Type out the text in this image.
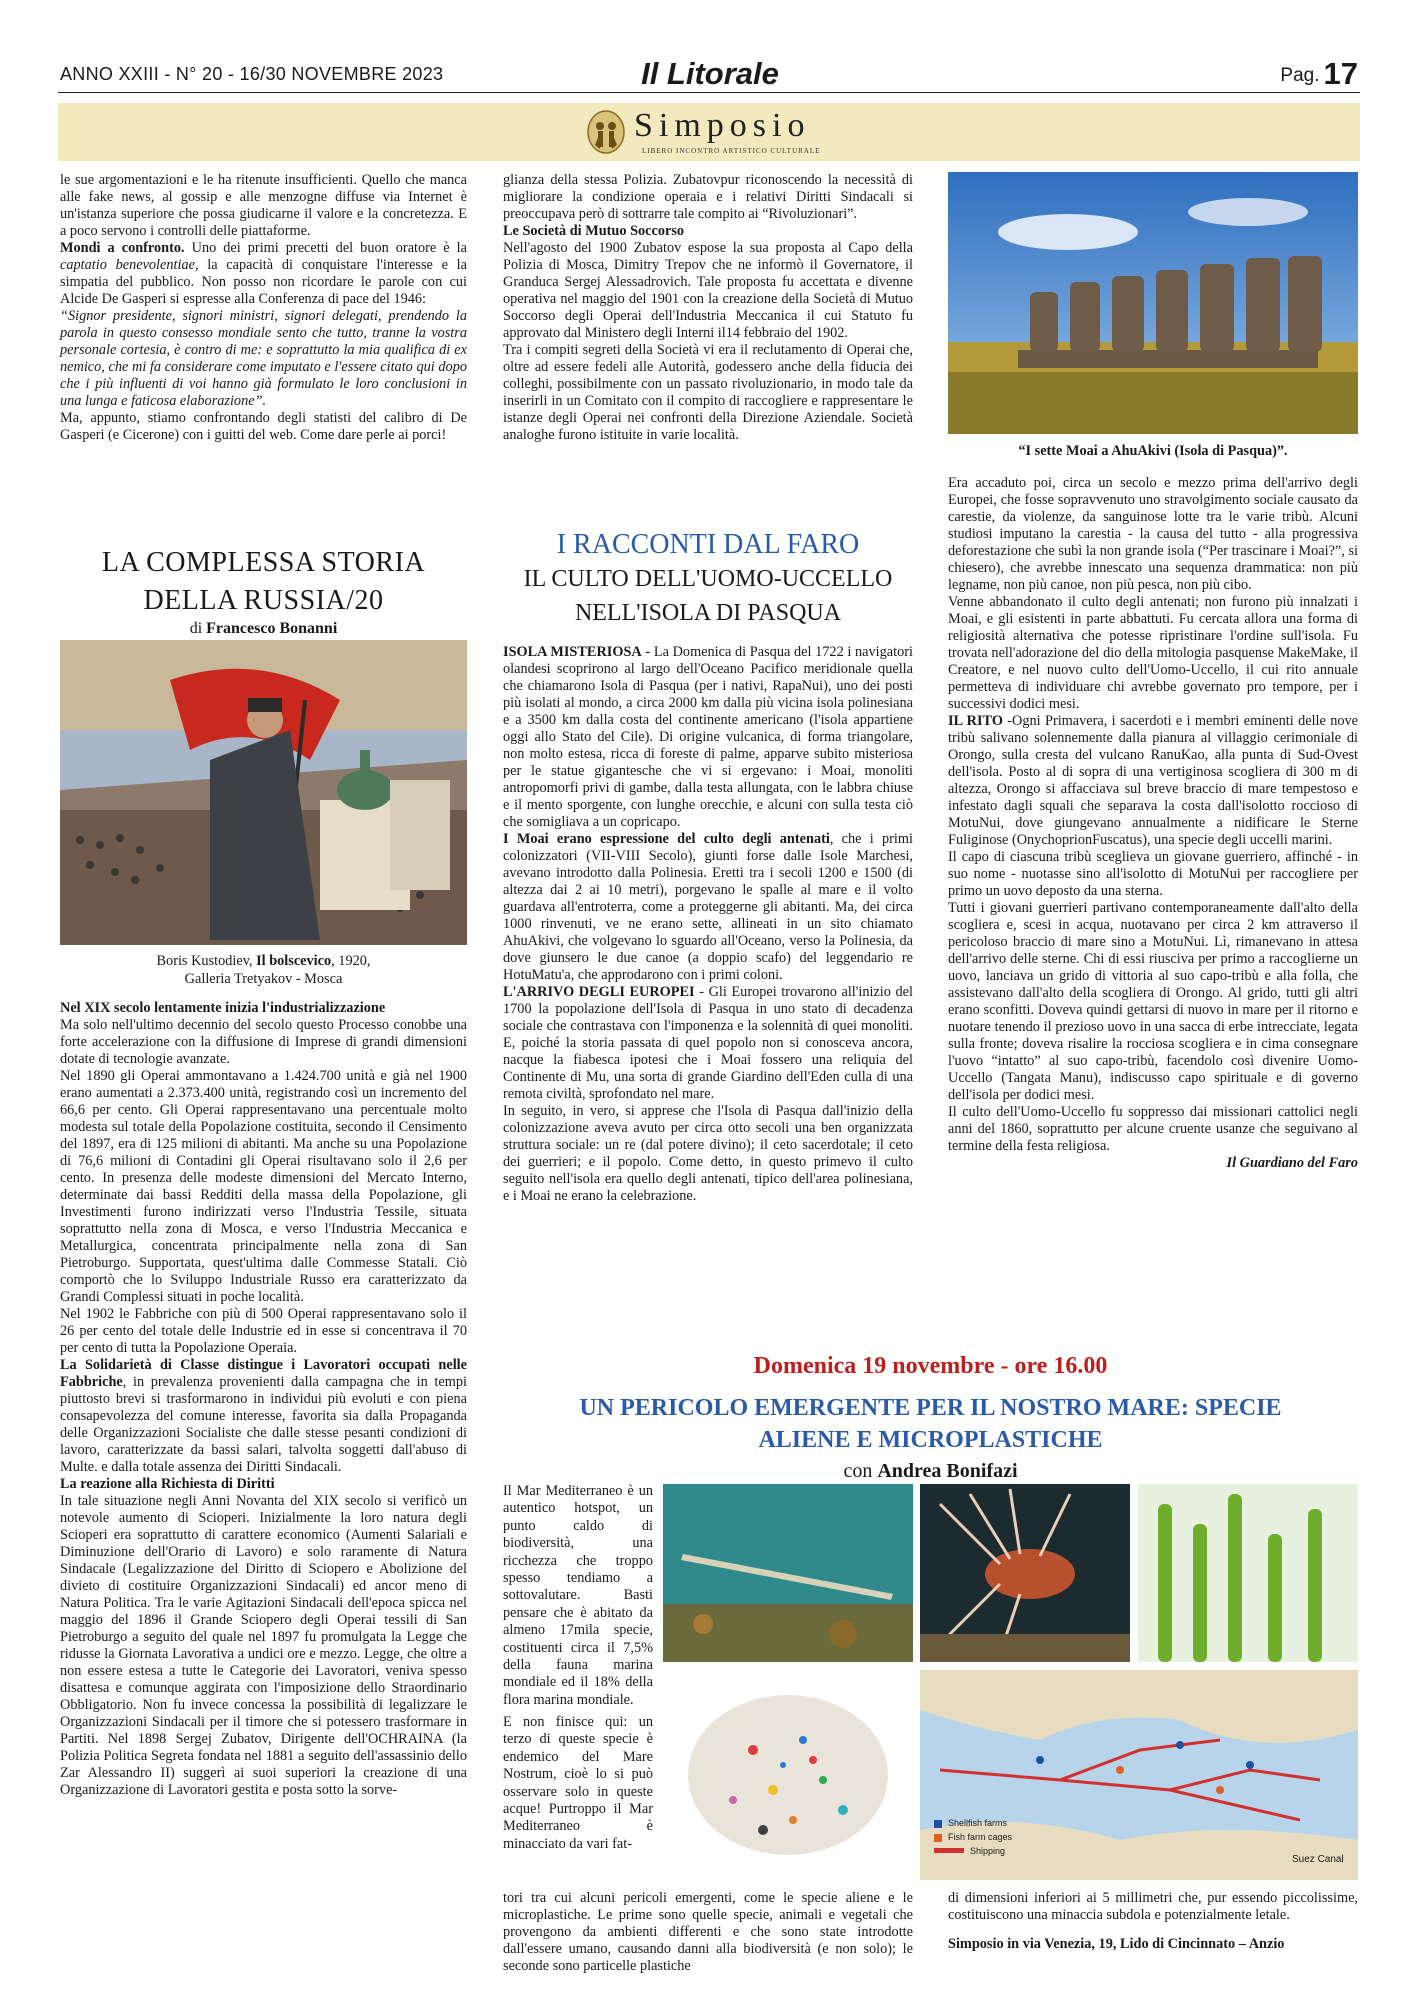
ANNO XXIII - N° 20 - 16/30 NOVEMBRE 2023	Il Litorale	Pag. 17
Simposio
LIBERO INCONTRO ARTISTICO CULTURALE

le sue argomentazioni e le ha ritenute insufficienti. Quello che manca alle fake news, al gossip e alle menzogne diffuse via Internet è un'istanza superiore che possa giudicarne il valore e la concretezza. E a poco servono i controlli delle piattaforme.

Mondi a confronto. Uno dei primi precetti del buon oratore è la captatio benevolentiae, la capacità di conquistare l'interesse e la simpatia del pubblico. Non posso non ricordare le parole con cui Alcide De Gasperi si espresse alla Conferenza di pace del 1946:

“Signor presidente, signori ministri, signori delegati, prendendo la parola in questo consesso mondiale sento che tutto, tranne la vostra personale cortesia, è contro di me: e soprattutto la mia qualifica di ex nemico, che mi fa considerare come imputato e l'essere citato qui dopo che i più influenti di voi hanno già formulato le loro conclusioni in una lunga e faticosa elaborazione”.

Ma, appunto, stiamo confrontando degli statisti del calibro di De Gasperi (e Cicerone) con i guitti del web. Come dare perle ai porci!

LA COMPLESSA STORIA
DELLA RUSSIA/20
di Francesco Bonanni
Boris Kustodiev, Il bolscevico, 1920,
Galleria Tretyakov - Mosca

Nel XIX secolo lentamente inizia l'industrializzazione

Ma solo nell'ultimo decennio del secolo questo Processo conobbe una forte accelerazione con la diffusione di Imprese di grandi dimensioni dotate di tecnologie avanzate.

Nel 1890 gli Operai ammontavano a 1.424.700 unità e già nel 1900 erano aumentati a 2.373.400 unità, registrando così un incremento del 66,6 per cento. Gli Operai rappresentavano una percentuale molto modesta sul totale della Popolazione costituita, secondo il Censimento del 1897, era di 125 milioni di abitanti. Ma anche su una Popolazione di 76,6 milioni di Contadini gli Operai risultavano solo il 2,6 per cento. In presenza delle modeste dimensioni del Mercato Interno, determinate dai bassi Redditi della massa della Popolazione, gli Investimenti furono indirizzati verso l'Industria Tessile, situata soprattutto nella zona di Mosca, e verso l'Industria Meccanica e Metallurgica, concentrata principalmente nella zona di San Pietroburgo. Supportata, quest'ultima dalle Commesse Statali. Ciò comportò che lo Sviluppo Industriale Russo era caratterizzato da Grandi Complessi situati in poche località.

Nel 1902 le Fabbriche con più di 500 Operai rappresentavano solo il 26 per cento del totale delle Industrie ed in esse si concentrava il 70 per cento di tutta la Popolazione Operaia.

La Solidarietà di Classe distingue i Lavoratori occupati nelle Fabbriche, in prevalenza provenienti dalla campagna che in tempi piuttosto brevi si trasformarono in individui più evoluti e con piena consapevolezza del comune interesse, favorita sia dalla Propaganda delle Organizzazioni Socialiste che dalle stesse pesanti condizioni di lavoro, caratterizzate da bassi salari, talvolta soggetti dall'abuso di Multe. e dalla totale assenza dei Diritti Sindacali.

La reazione alla Richiesta di Diritti

In tale situazione negli Anni Novanta del XIX secolo si verificò un notevole aumento di Scioperi. Inizialmente la loro natura degli Scioperi era soprattutto di carattere economico (Aumenti Salariali e Diminuzione dell'Orario di Lavoro) e solo raramente di Natura Sindacale (Legalizzazione del Diritto di Sciopero e Abolizione del divieto di costituire Organizzazioni Sindacali) ed ancor meno di Natura Politica. Tra le varie Agitazioni Sindacali dell'epoca spicca nel maggio del 1896 il Grande Sciopero degli Operai tessili di San Pietroburgo a seguito del quale nel 1897 fu promulgata la Legge che ridusse la Giornata Lavorativa a undici ore e mezzo. Legge, che oltre a non essere estesa a tutte le Categorie dei Lavoratori, veniva spesso disattesa e comunque aggirata con l'imposizione dello Straordinario Obbligatorio. Non fu invece concessa la possibilità di legalizzare le Organizzazioni Sindacali per il timore che si potessero trasformare in Partiti. Nel 1898 Sergej Zubatov, Dirigente dell'OCHRAINA (la Polizia Politica Segreta fondata nel 1881 a seguito dell'assassinio dello Zar Alessandro II) suggerì ai suoi superiori la creazione di una Organizzazione di Lavoratori gestita e posta sotto la sorve-

glianza della stessa Polizia. Zubatovpur riconoscendo la necessità di migliorare la condizione operaia e i relativi Diritti Sindacali si preoccupava però di sottrarre tale compito ai “Rivoluzionari”.

Le Società di Mutuo Soccorso

Nell'agosto del 1900 Zubatov espose la sua proposta al Capo della Polizia di Mosca, Dimitry Trepov che ne informò il Governatore, il Granduca Sergej Alessadrovich. Tale proposta fu accettata e divenne operativa nel maggio del 1901 con la creazione della Società di Mutuo Soccorso degli Operai dell'Industria Meccanica il cui Statuto fu approvato dal Ministero degli Interni il14 febbraio del 1902.

Tra i compiti segreti della Società vi era il reclutamento di Operai che, oltre ad essere fedeli alle Autorità, godessero anche della fiducia dei colleghi, possibilmente con un passato rivoluzionario, in modo tale da inserirli in un Comitato con il compito di raccogliere e rappresentare le istanze degli Operai nei confronti della Direzione Aziendale. Società analoghe furono istituite in varie località.

I RACCONTI DAL FARO
IL CULTO DELL'UOMO-UCCELLO
NELL'ISOLA DI PASQUA

ISOLA MISTERIOSA - La Domenica di Pasqua del 1722 i navigatori olandesi scoprirono al largo dell'Oceano Pacifico meridionale quella che chiamarono Isola di Pasqua (per i nativi, RapaNui), uno dei posti più isolati al mondo, a circa 2000 km dalla più vicina isola polinesiana e a 3500 km dalla costa del continente americano (l'isola appartiene oggi allo Stato del Cile). Di origine vulcanica, di forma triangolare, non molto estesa, ricca di foreste di palme, apparve subito misteriosa per le statue gigantesche che vi si ergevano: i Moai, monoliti antropomorfi privi di gambe, dalla testa allungata, con le labbra chiuse e il mento sporgente, con lunghe orecchie, e alcuni con sulla testa ciò che somigliava a un copricapo.

I Moai erano espressione del culto degli antenati, che i primi colonizzatori (VII-VIII Secolo), giunti forse dalle Isole Marchesi, avevano introdotto dalla Polinesia. Eretti tra i secoli 1200 e 1500 (di altezza dai 2 ai 10 metri), porgevano le spalle al mare e il volto guardava all'entroterra, come a proteggerne gli abitanti. Ma, dei circa 1000 rinvenuti, ve ne erano sette, allineati in un sito chiamato AhuAkivi, che volgevano lo sguardo all'Oceano, verso la Polinesia, da dove giunsero le due canoe (a doppio scafo) del leggendario re HotuMatu'a, che approdarono con i primi coloni.

L'ARRIVO DEGLI EUROPEI - Gli Europei trovarono all'inizio del 1700 la popolazione dell'Isola di Pasqua in uno stato di decadenza sociale che contrastava con l'imponenza e la solennità di quei monoliti. E, poiché la storia passata di quel popolo non si conosceva ancora, nacque la fiabesca ipotesi che i Moai fossero una reliquia del Continente di Mu, una sorta di grande Giardino dell'Eden culla di una remota civiltà, sprofondato nel mare.

In seguito, in vero, si apprese che l'Isola di Pasqua dall'inizio della colonizzazione aveva avuto per circa otto secoli una ben organizzata struttura sociale: un re (dal potere divino); il ceto sacerdotale; il ceto dei guerrieri; e il popolo. Come detto, in questo primevo il culto seguito nell'isola era quello degli antenati, tipico dell'area polinesiana, e i Moai ne erano la celebrazione.

“I sette Moai a AhuAkivi (Isola di Pasqua)”.

Era accaduto poi, circa un secolo e mezzo prima dell'arrivo degli Europei, che fosse sopravvenuto uno stravolgimento sociale causato da carestie, da violenze, da sanguinose lotte tra le varie tribù. Alcuni studiosi imputano la carestia - la causa del tutto - alla progressiva deforestazione che subì la non grande isola (“Per trascinare i Moai?”, si chiesero), che avrebbe innescato una sequenza drammatica: non più legname, non più canoe, non più pesca, non più cibo.

Venne abbandonato il culto degli antenati; non furono più innalzati i Moai, e gli esistenti in parte abbattuti. Fu cercata allora una forma di religiosità alternativa che potesse ripristinare l'ordine sull'isola. Fu trovata nell'adorazione del dio della mitologia pasquense MakeMake, il Creatore, e nel nuovo culto dell'Uomo-Uccello, il cui rito annuale permetteva di individuare chi avrebbe governato pro tempore, per i successivi dodici mesi.

IL RITO -Ogni Primavera, i sacerdoti e i membri eminenti delle nove tribù salivano solennemente dalla pianura al villaggio cerimoniale di Orongo, sulla cresta del vulcano RanuKao, alla punta di Sud-Ovest dell'isola. Posto al di sopra di una vertiginosa scogliera di 300 m di altezza, Orongo si affacciava sul breve braccio di mare tempestoso e infestato dagli squali che separava la costa dall'isolotto roccioso di MotuNui, dove giungevano annualmente a nidificare le Sterne Fuliginose (OnychoprionFuscatus), una specie degli uccelli marini.

Il capo di ciascuna tribù sceglieva un giovane guerriero, affinché - in suo nome - nuotasse sino all'isolotto di MotuNui per raccogliere per primo un uovo deposto da una sterna.

Tutti i giovani guerrieri partivano contemporaneamente dall'alto della scogliera e, scesi in acqua, nuotavano per circa 2 km attraverso il pericoloso braccio di mare sino a MotuNui. Lì, rimanevano in attesa dell'arrivo delle sterne. Chi di essi riusciva per primo a raccoglierne un uovo, lanciava un grido di vittoria al suo capo-tribù e alla folla, che assistevano dall'alto della scogliera di Orongo. Al grido, tutti gli altri erano sconfitti. Doveva quindi gettarsi di nuovo in mare per il ritorno e nuotare tenendo il prezioso uovo in una sacca di erbe intrecciate, legata sulla fronte; doveva risalire la rocciosa scogliera e in cima consegnare l'uovo “intatto” al suo capo-tribù, facendolo così divenire Uomo-Uccello (Tangata Manu), indiscusso capo spirituale e di governo dell'isola per dodici mesi.

Il culto dell'Uomo-Uccello fu soppresso dai missionari cattolici negli anni del 1860, soprattutto per alcune cruente usanze che seguivano al termine della festa religiosa.

Il Guardiano del Faro

Domenica 19 novembre - ore 16.00
UN PERICOLO EMERGENTE PER IL NOSTRO MARE: SPECIE
ALIENE E MICROPLASTICHE
con Andrea Bonifazi

Il Mar Mediterraneo è un autentico hotspot, un punto caldo di biodiversità, una ricchezza che troppo spesso tendiamo a sottovalutare. Basti pensare che è abitato da almeno 17mila specie, costituenti circa il 7,5% della fauna marina mondiale ed il 18% della flora marina mondiale.

E non finisce qui: un terzo di queste specie è endemico del Mare Nostrum, cioè lo si può osservare solo in queste acque! Purtroppo il Mar Mediterraneo è minacciato da vari fat-

tori tra cui alcuni pericoli emergenti, come le specie aliene e le microplastiche. Le prime sono quelle specie, animali e vegetali che provengono da ambienti differenti e che sono state introdotte dall'essere umano, causando danni alla biodiversità (e non solo); le seconde sono particelle plastiche

Shellfish farms
Fish farm cages
Shipping
Suez Canal

di dimensioni inferiori ai 5 millimetri che, pur essendo piccolissime, costituiscono una minaccia subdola e potenzialmente letale.

Simposio in via Venezia, 19, Lido di Cincinnato – Anzio
